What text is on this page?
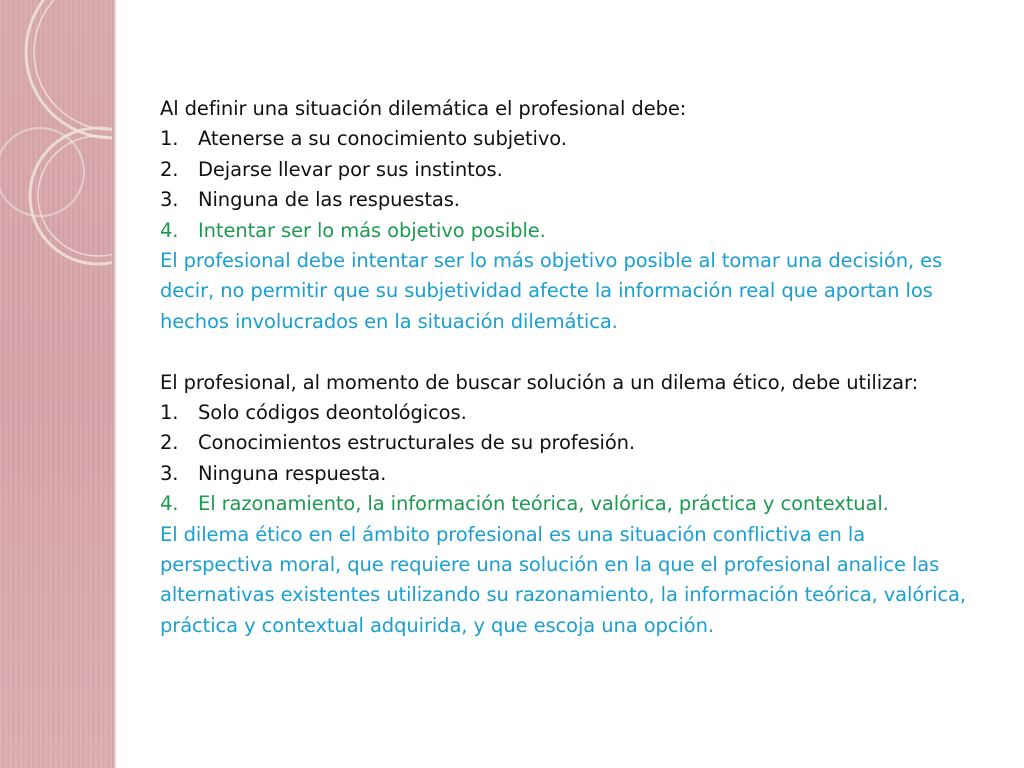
Al definir una situación dilemática el profesional debe:

1.	Atenerse a su conocimiento subjetivo.
2.	Dejarse llevar por sus instintos.
3.	Ninguna de las respuestas.
4.	Intentar ser lo más objetivo posible.

El profesional debe intentar ser lo más objetivo posible al tomar una decisión, es decir, no permitir que su subjetividad afecte la información real que aportan los hechos involucrados en la situación dilemática.

El profesional, al momento de buscar solución a un dilema ético, debe utilizar:

1.	Solo códigos deontológicos.
2.	Conocimientos estructurales de su profesión.
3.	Ninguna respuesta.
4.	El razonamiento, la información teórica, valórica, práctica y contextual.

El dilema ético en el ámbito profesional es una situación conflictiva en la perspectiva moral, que requiere una solución en la que el profesional analice las alternativas existentes utilizando su razonamiento, la información teórica, valórica, práctica y contextual adquirida, y que escoja una opción.
